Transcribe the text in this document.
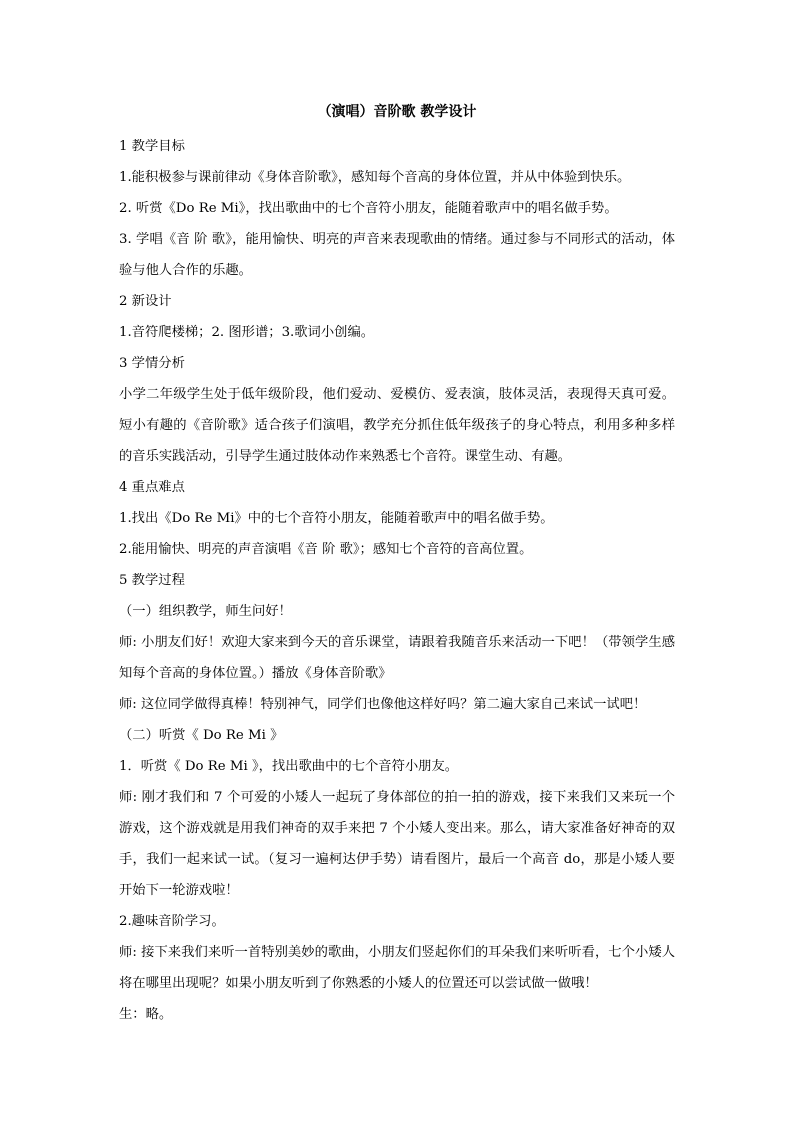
（演唱）音阶歌 教学设计

1 教学目标

1.能积极参与课前律动《身体音阶歌》，感知每个音高的身体位置，并从中体验到快乐。

2. 听赏《Do Re Mi》，找出歌曲中的七个音符小朋友，能随着歌声中的唱名做手势。

3. 学唱《音 阶 歌》，能用愉快、明亮的声音来表现歌曲的情绪。通过参与不同形式的活动，体验与他人合作的乐趣。

2 新设计

1.音符爬楼梯；2. 图形谱；3.歌词小创编。

3 学情分析

小学二年级学生处于低年级阶段，他们爱动、爱模仿、爱表演，肢体灵活，表现得天真可爱。短小有趣的《音阶歌》适合孩子们演唱，教学充分抓住低年级孩子的身心特点，利用多种多样的音乐实践活动，引导学生通过肢体动作来熟悉七个音符。课堂生动、有趣。

4 重点难点

1.找出《Do Re Mi》中的七个音符小朋友，能随着歌声中的唱名做手势。

2.能用愉快、明亮的声音演唱《音 阶 歌》；感知七个音符的音高位置。

5 教学过程

（一）组织教学，师生问好！

师: 小朋友们好！欢迎大家来到今天的音乐课堂，请跟着我随音乐来活动一下吧！（带领学生感知每个音高的身体位置。）播放《身体音阶歌》

师: 这位同学做得真棒！特别神气，同学们也像他这样好吗？第二遍大家自己来试一试吧！

（二）听赏《 Do Re Mi 》

1．听赏《 Do Re Mi 》，找出歌曲中的七个音符小朋友。

师: 刚才我们和 7 个可爱的小矮人一起玩了身体部位的拍一拍的游戏，接下来我们又来玩一个游戏，这个游戏就是用我们神奇的双手来把 7 个小矮人变出来。那么，请大家准备好神奇的双手，我们一起来试一试。（复习一遍柯达伊手势）请看图片，最后一个高音 do，那是小矮人要开始下一轮游戏啦！

2.趣味音阶学习。

师: 接下来我们来听一首特别美妙的歌曲，小朋友们竖起你们的耳朵我们来听听看，七个小矮人将在哪里出现呢？如果小朋友听到了你熟悉的小矮人的位置还可以尝试做一做哦！

生：略。
